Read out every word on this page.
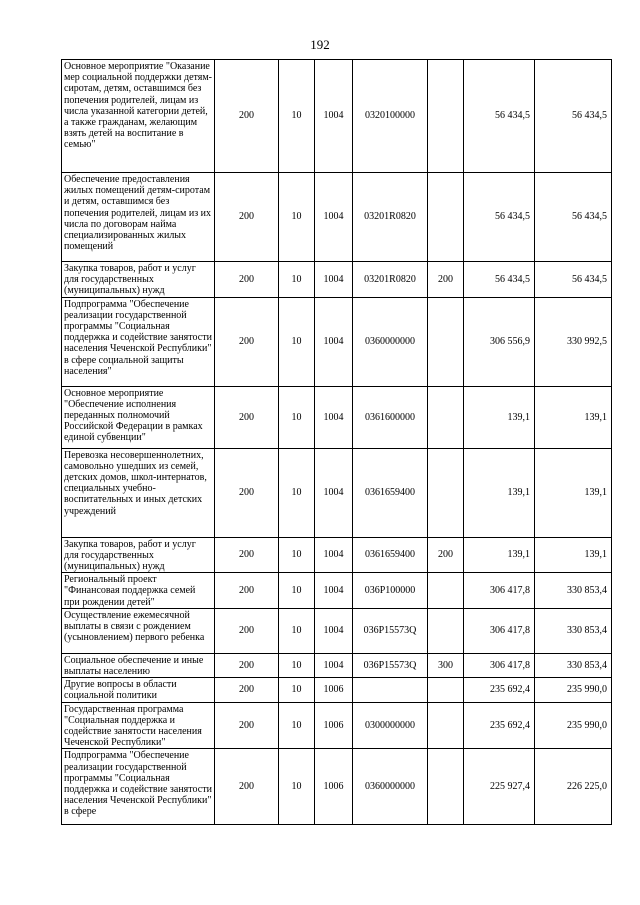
192
Основное мероприятие "Оказание мер социальной поддержки детям-сиротам, детям, оставшимся без попечения родителей, лицам из числа указанной категории детей, а также гражданам, желающим взять детей на воспитание в семью"	200	10	1004	0320100000		56 434,5	56 434,5
Обеспечение предоставления жилых помещений детям-сиротам и детям, оставшимся без попечения родителей, лицам из их числа по договорам найма специализированных жилых помещений	200	10	1004	03201R0820		56 434,5	56 434,5
Закупка товаров, работ и услуг для государственных (муниципальных) нужд	200	10	1004	03201R0820	200	56 434,5	56 434,5
Подпрограмма "Обеспечение реализации государственной программы "Социальная поддержка и содействие занятости населения Чеченской Республики" в сфере социальной защиты населения"	200	10	1004	0360000000		306 556,9	330 992,5
Основное мероприятие "Обеспечение исполнения переданных полномочий Российской Федерации в рамках единой субвенции"	200	10	1004	0361600000		139,1	139,1
Перевозка несовершеннолетних, самовольно ушедших из семей, детских домов, школ-интернатов, специальных учебно-воспитательных и иных детских учреждений	200	10	1004	0361659400		139,1	139,1
Закупка товаров, работ и услуг для государственных (муниципальных) нужд	200	10	1004	0361659400	200	139,1	139,1
Региональный проект "Финансовая поддержка семей при рождении детей"	200	10	1004	036P100000		306 417,8	330 853,4
Осуществление ежемесячной выплаты в связи с рождением (усыновлением) первого ребенка	200	10	1004	036P15573Q		306 417,8	330 853,4
Социальное обеспечение и иные выплаты населению	200	10	1004	036P15573Q	300	306 417,8	330 853,4
Другие вопросы в области социальной политики	200	10	1006			235 692,4	235 990,0
Государственная программа "Социальная поддержка и содействие занятости населения Чеченской Республики"	200	10	1006	0300000000		235 692,4	235 990,0
Подпрограмма "Обеспечение реализации государственной программы "Социальная поддержка и содействие занятости населения Чеченской Республики" в сфере	200	10	1006	0360000000		225 927,4	226 225,0
